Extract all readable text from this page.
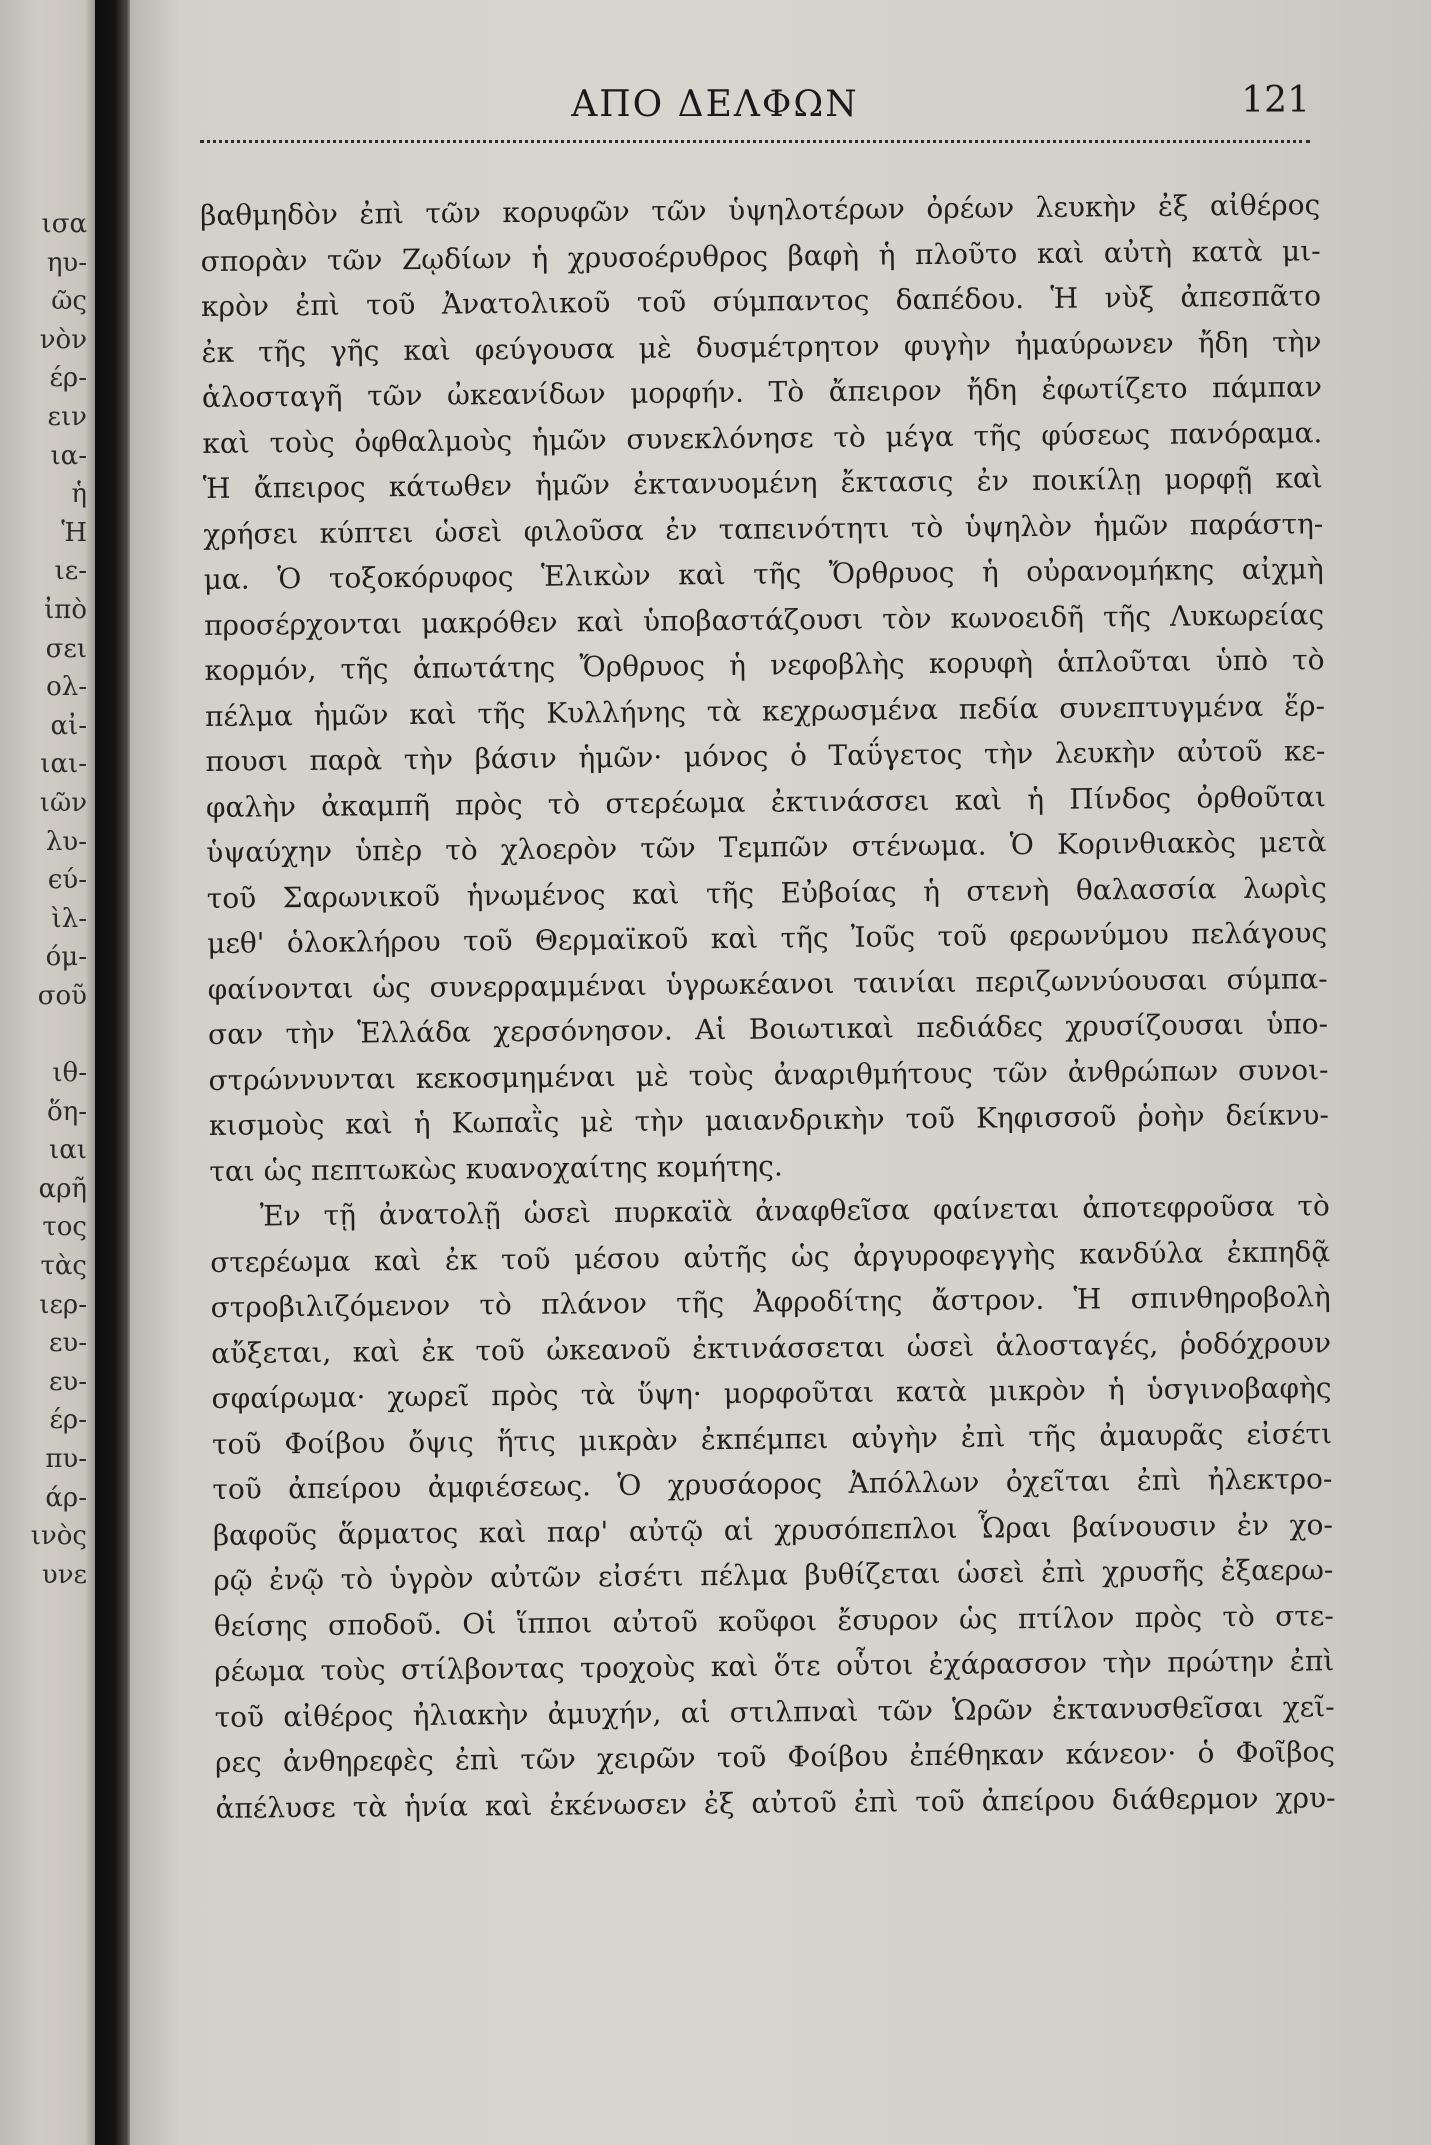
ισα
ηυ-
ῶς
νὸν
έρ-
ειν
ια-
ἡ
Ἡ
ιε-
ἰπὸ
σει
ολ-
αἰ-
ιαι-
ιῶν
λυ-
ϵύ-
ὶλ-
όμ-
σοῦ
ιθ-
ὅη-
ιαι
αρῆ
τος
τὰς
ιερ-
ευ-
ευ-
έρ-
πυ-
άρ-
ινὸς
υνε
ΑΠΟ ΔΕΛΦΩΝ	121
βαθμηδὸν ἐπὶ τῶν κορυφῶν τῶν ὑψηλοτέρων ὀρέων λευκὴν ἐξ αἰθέρος
σπορὰν τῶν Ζῳδίων ἡ χρυσοέρυθρος βαφὴ ἡ πλοῦτο καὶ αὐτὴ κατὰ μι-
κρὸν ἐπὶ τοῦ Ἀνατολικοῦ τοῦ σύμπαντος δαπέδου. Ἡ νὺξ ἀπεσπᾶτο
ἐκ τῆς γῆς καὶ φεύγουσα μὲ δυσμέτρητον φυγὴν ἠμαύρωνεν ἤδη τὴν
ἁλοσταγῆ τῶν ὠκεανίδων μορφήν. Τὸ ἄπειρον ἤδη ἐφωτίζετο πάμπαν
καὶ τοὺς ὀφθαλμοὺς ἡμῶν συνεκλόνησε τὸ μέγα τῆς φύσεως πανόραμα.
Ἡ ἄπειρος κάτωθεν ἡμῶν ἐκτανυομένη ἔκτασις ἐν ποικίλῃ μορφῇ καὶ
χρήσει κύπτει ὡσεὶ φιλοῦσα ἐν ταπεινότητι τὸ ὑψηλὸν ἡμῶν παράστη-
μα. Ὁ τοξοκόρυφος Ἑλικὼν καὶ τῆς Ὄρθρυος ἡ οὐρανομήκης αἰχμὴ
προσέρχονται μακρόθεν καὶ ὑποβαστάζουσι τὸν κωνοειδῆ τῆς Λυκωρείας
κορμόν, τῆς ἀπωτάτης Ὄρθρυος ἡ νεφοβλὴς κορυφὴ ἁπλοῦται ὑπὸ τὸ
πέλμα ἡμῶν καὶ τῆς Κυλλήνης τὰ κεχρωσμένα πεδία συνεπτυγμένα ἕρ-
πουσι παρὰ τὴν βάσιν ἡμῶν· μόνος ὁ Ταΰγετος τὴν λευκὴν αὐτοῦ κε-
φαλὴν ἀκαμπῆ πρὸς τὸ στερέωμα ἐκτινάσσει καὶ ἡ Πίνδος ὀρθοῦται
ὑψαύχην ὑπὲρ τὸ χλοερὸν τῶν Τεμπῶν στένωμα. Ὁ Κορινθιακὸς μετὰ
τοῦ Σαρωνικοῦ ἡνωμένος καὶ τῆς Εὐβοίας ἡ στενὴ θαλασσία λωρὶς
μεθ' ὁλοκλήρου τοῦ Θερμαϊκοῦ καὶ τῆς Ἰοῦς τοῦ φερωνύμου πελάγους
φαίνονται ὡς συνερραμμέναι ὑγρωκέανοι ταινίαι περιζωννύουσαι σύμπα-
σαν τὴν Ἑλλάδα χερσόνησον. Αἱ Βοιωτικαὶ πεδιάδες χρυσίζουσαι ὑπο-
στρώννυνται κεκοσμημέναι μὲ τοὺς ἀναριθμήτους τῶν ἀνθρώπων συνοι-
κισμοὺς καὶ ἡ Κωπαῒς μὲ τὴν μαιανδρικὴν τοῦ Κηφισσοῦ ῥοὴν δείκνυ-
ται ὡς πεπτωκὼς κυανοχαίτης κομήτης.
Ἐν τῇ ἀνατολῇ ὡσεὶ πυρκαϊὰ ἀναφθεῖσα φαίνεται ἀποτεφροῦσα τὸ
στερέωμα καὶ ἐκ τοῦ μέσου αὐτῆς ὡς ἀργυροφεγγὴς κανδύλα ἐκπηδᾷ
στροβιλιζόμενον τὸ πλάνον τῆς Ἀφροδίτης ἄστρον. Ἡ σπινθηροβολὴ
αὔξεται, καὶ ἐκ τοῦ ὠκεανοῦ ἐκτινάσσεται ὡσεὶ ἁλοσταγές, ῥοδόχρουν
σφαίρωμα· χωρεῖ πρὸς τὰ ὕψη· μορφοῦται κατὰ μικρὸν ἡ ὑσγινοβαφὴς
τοῦ Φοίβου ὄψις ἥτις μικρὰν ἐκπέμπει αὐγὴν ἐπὶ τῆς ἀμαυρᾶς εἰσέτι
τοῦ ἀπείρου ἀμφιέσεως. Ὁ χρυσάορος Ἀπόλλων ὀχεῖται ἐπὶ ἠλεκτρο-
βαφοῦς ἅρματος καὶ παρ' αὐτῷ αἱ χρυσόπεπλοι Ὧραι βαίνουσιν ἐν χο-
ρῷ ἐνῷ τὸ ὑγρὸν αὐτῶν εἰσέτι πέλμα βυθίζεται ὡσεὶ ἐπὶ χρυσῆς ἐξαερω-
θείσης σποδοῦ. Οἱ ἵπποι αὐτοῦ κοῦφοι ἔσυρον ὡς πτίλον πρὸς τὸ στε-
ρέωμα τοὺς στίλβοντας τροχοὺς καὶ ὅτε οὗτοι ἐχάρασσον τὴν πρώτην ἐπὶ
τοῦ αἰθέρος ἠλιακὴν ἀμυχήν, αἱ στιλπναὶ τῶν Ὡρῶν ἐκτανυσθεῖσαι χεῖ-
ρες ἀνθηρεφὲς ἐπὶ τῶν χειρῶν τοῦ Φοίβου ἐπέθηκαν κάνεον· ὁ Φοῖβος
ἀπέλυσε τὰ ἡνία καὶ ἐκένωσεν ἐξ αὐτοῦ ἐπὶ τοῦ ἀπείρου διάθερμον χρυ-
